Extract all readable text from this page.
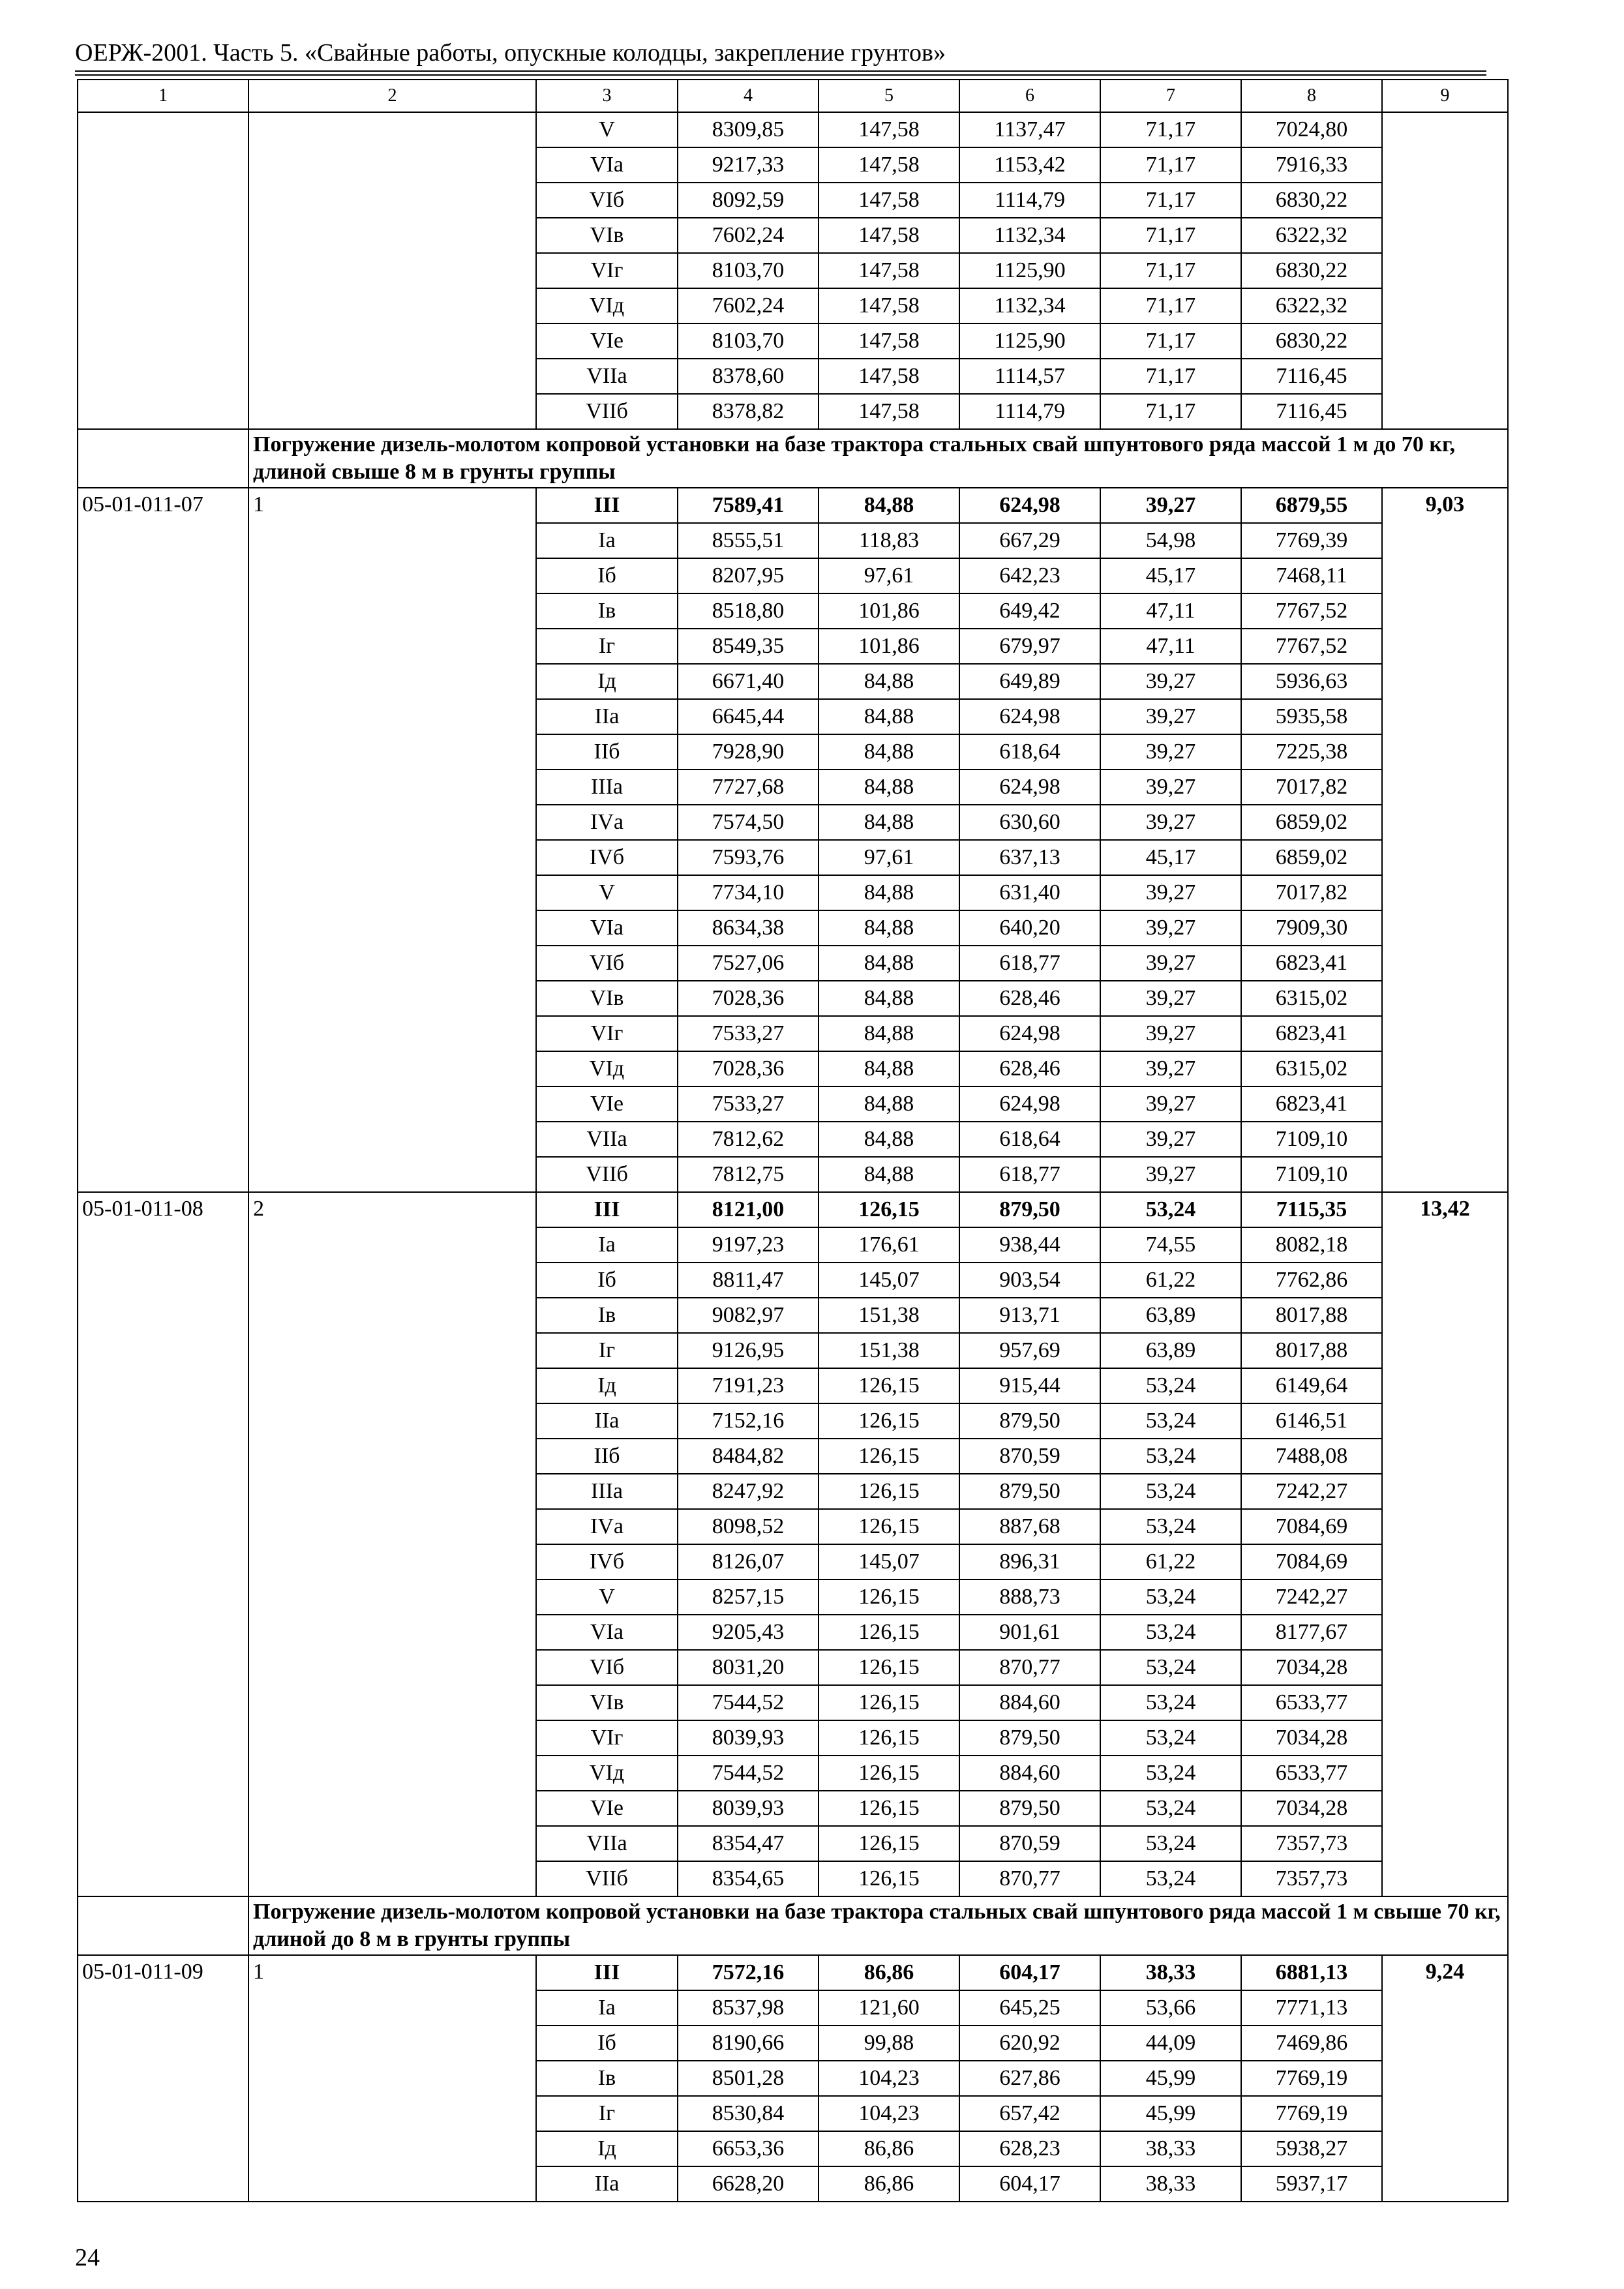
ОЕРЖ-2001. Часть 5. «Свайные работы, опускные колодцы, закрепление грунтов»
1	2	3	4	5	6	7	8	9
		V	8309,85	147,58	1137,47	71,17	7024,80	
		VIа	9217,33	147,58	1153,42	71,17	7916,33	
		VIб	8092,59	147,58	1114,79	71,17	6830,22	
		VIв	7602,24	147,58	1132,34	71,17	6322,32	
		VIг	8103,70	147,58	1125,90	71,17	6830,22	
		VIд	7602,24	147,58	1132,34	71,17	6322,32	
		VIе	8103,70	147,58	1125,90	71,17	6830,22	
		VIIа	8378,60	147,58	1114,57	71,17	7116,45	
		VIIб	8378,82	147,58	1114,79	71,17	7116,45	
	Погружение дизель-молотом копровой установки на базе трактора стальных свай шпунтового ряда массой 1 м до 70 кг, длиной свыше 8 м в грунты группы							
05-01-011-07	1	III	7589,41	84,88	624,98	39,27	6879,55	9,03
		Iа	8555,51	118,83	667,29	54,98	7769,39	
		Iб	8207,95	97,61	642,23	45,17	7468,11	
		Iв	8518,80	101,86	649,42	47,11	7767,52	
		Iг	8549,35	101,86	679,97	47,11	7767,52	
		Iд	6671,40	84,88	649,89	39,27	5936,63	
		IIа	6645,44	84,88	624,98	39,27	5935,58	
		IIб	7928,90	84,88	618,64	39,27	7225,38	
		IIIа	7727,68	84,88	624,98	39,27	7017,82	
		IVа	7574,50	84,88	630,60	39,27	6859,02	
		IVб	7593,76	97,61	637,13	45,17	6859,02	
		V	7734,10	84,88	631,40	39,27	7017,82	
		VIа	8634,38	84,88	640,20	39,27	7909,30	
		VIб	7527,06	84,88	618,77	39,27	6823,41	
		VIв	7028,36	84,88	628,46	39,27	6315,02	
		VIг	7533,27	84,88	624,98	39,27	6823,41	
		VIд	7028,36	84,88	628,46	39,27	6315,02	
		VIе	7533,27	84,88	624,98	39,27	6823,41	
		VIIа	7812,62	84,88	618,64	39,27	7109,10	
		VIIб	7812,75	84,88	618,77	39,27	7109,10	
05-01-011-08	2	III	8121,00	126,15	879,50	53,24	7115,35	13,42
		Iа	9197,23	176,61	938,44	74,55	8082,18	
		Iб	8811,47	145,07	903,54	61,22	7762,86	
		Iв	9082,97	151,38	913,71	63,89	8017,88	
		Iг	9126,95	151,38	957,69	63,89	8017,88	
		Iд	7191,23	126,15	915,44	53,24	6149,64	
		IIа	7152,16	126,15	879,50	53,24	6146,51	
		IIб	8484,82	126,15	870,59	53,24	7488,08	
		IIIа	8247,92	126,15	879,50	53,24	7242,27	
		IVа	8098,52	126,15	887,68	53,24	7084,69	
		IVб	8126,07	145,07	896,31	61,22	7084,69	
		V	8257,15	126,15	888,73	53,24	7242,27	
		VIа	9205,43	126,15	901,61	53,24	8177,67	
		VIб	8031,20	126,15	870,77	53,24	7034,28	
		VIв	7544,52	126,15	884,60	53,24	6533,77	
		VIг	8039,93	126,15	879,50	53,24	7034,28	
		VIд	7544,52	126,15	884,60	53,24	6533,77	
		VIе	8039,93	126,15	879,50	53,24	7034,28	
		VIIа	8354,47	126,15	870,59	53,24	7357,73	
		VIIб	8354,65	126,15	870,77	53,24	7357,73	
	Погружение дизель-молотом копровой установки на базе трактора стальных свай шпунтового ряда массой 1 м свыше 70 кг, длиной до 8 м в грунты группы							
05-01-011-09	1	III	7572,16	86,86	604,17	38,33	6881,13	9,24
		Iа	8537,98	121,60	645,25	53,66	7771,13	
		Iб	8190,66	99,88	620,92	44,09	7469,86	
		Iв	8501,28	104,23	627,86	45,99	7769,19	
		Iг	8530,84	104,23	657,42	45,99	7769,19	
		Iд	6653,36	86,86	628,23	38,33	5938,27	
		IIа	6628,20	86,86	604,17	38,33	5937,17	
24
